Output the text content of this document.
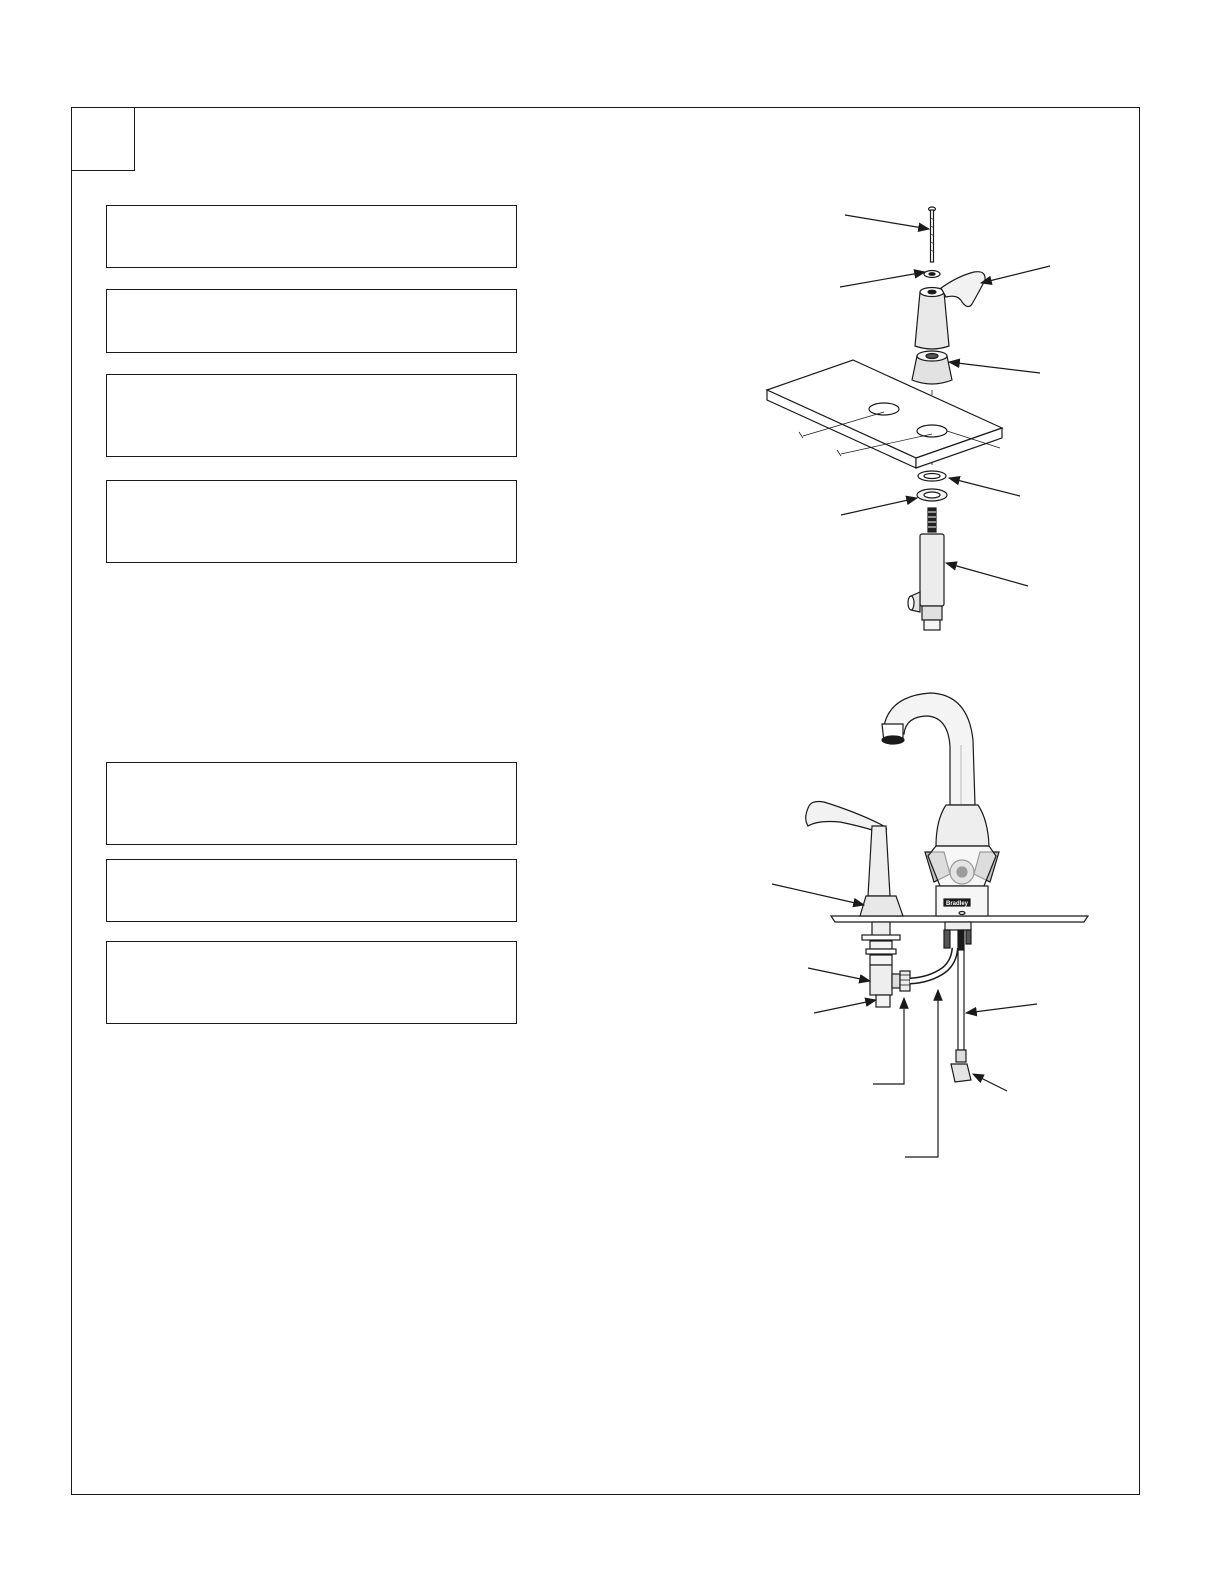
Bradley
